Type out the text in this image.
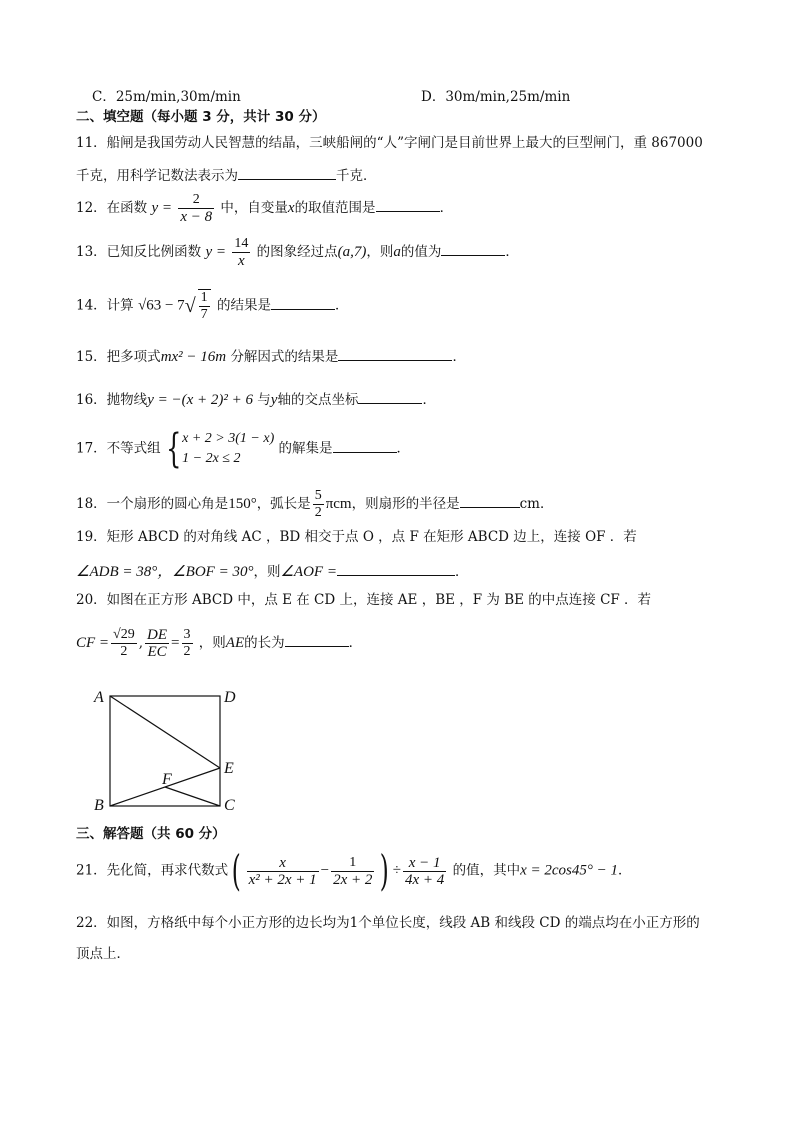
C．25m/min,30m/min	D．30m/min,25m/min
二、填空题（每小题 3 分，共计 30 分）
11．船闸是我国劳动人民智慧的结晶，三峡船闸的“人”字闸门是目前世界上最大的巨型闸门，重 867000
千克，用科学记数法表示为	千克．
12．在函数 $y = \frac{2}{x - 8}$ 中，自变量x的取值范围是	．
13．已知反比例函数 $y = \frac{14}{x}$ 的图象经过点(a,7)，则a的值为	．
14．计算 $√63 - 7√ \frac{1}{7}$ 的结果是	．
15．把多项式mx² − 16m 分解因式的结果是	．
16．抛物线y = −(x + 2)² + 6 与y轴的交点坐标	．
17．不等式组 { x + 2 > 3(1 − x)
1 − 2x ≤ 2
的解集是	．
18．一个扇形的圆心角是150°，弧长是 $\frac{5}{2}$ πcm，则扇形的半径是	cm．
19．矩形 ABCD 的对角线 AC ，BD 相交于点 O ，点 F 在矩形 ABCD 边上，连接 OF ．若
∠ADB = 38°，∠BOF = 30°，则∠AOF =	．
20．如图在正方形 ABCD 中，点 E 在 CD 上，连接 AE ，BE ，F 为 BE 的中点连接 CF ．若
CF = $\frac{√29}{2}$ , $\frac{DE}{EC} = \frac{3}{2}$ ，则AE的长为	．
A	D
E
F
B	C
三、解答题（共 60 分）
21．先化简，再求代数式( $\frac{x}{\text{x² + 2x + 1}} - \frac{1}{2x + 2}$ ) ÷ $\frac{x - 1}{4x + 4}$ 的值，其中x = 2cos45° − 1．
22．如图，方格纸中每个小正方形的边长均为1个单位长度，线段 AB 和线段 CD 的端点均在小正方形的
顶点上．
